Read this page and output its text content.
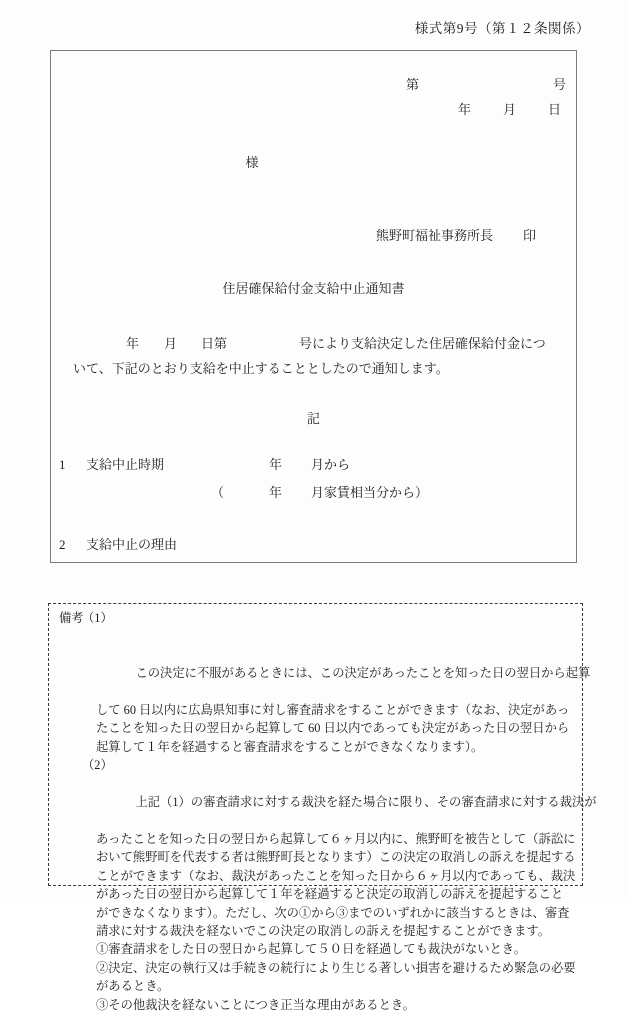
様式第9号（第１２条関係）
第	号
年 月 日

様

熊野町福祉事務所長 印
住居確保給付金支給中止通知書
年 月 日第	号により支給決定した住居確保給付金につ
いて、下記のとおり支給を中止することとしたので通知します。
記
1 支給中止時期	年 月から
（	年 月家賃相当分から）
2 支給中止の理由

備考

（1）

この決定に不服があるときには、この決定があったことを知った日の翌日から起算

して 60 日以内に広島県知事に対し審査請求をすることができます（なお、決定があっ
たことを知った日の翌日から起算して 60 日以内であっても決定があった日の翌日から
起算して１年を経過すると審査請求をすることができなくなります）。

（2）

上記（1）の審査請求に対する裁決を経た場合に限り、その審査請求に対する裁決が

あったことを知った日の翌日から起算して６ヶ月以内に、熊野町を被告として（訴訟に
おいて熊野町を代表する者は熊野町長となります）この決定の取消しの訴えを提起する
ことができます（なお、裁決があったことを知った日から６ヶ月以内であっても、裁決
があった日の翌日から起算して１年を経過すると決定の取消しの訴えを提起すること
ができなくなります）。ただし、次の①から③までのいずれかに該当するときは、審査
請求に対する裁決を経ないでこの決定の取消しの訴えを提起することができます。
①審査請求をした日の翌日から起算して５０日を経過しても裁決がないとき。
②決定、決定の執行又は手続きの続行により生じる著しい損害を避けるため緊急の必要
があるとき。
③その他裁決を経ないことにつき正当な理由があるとき。
